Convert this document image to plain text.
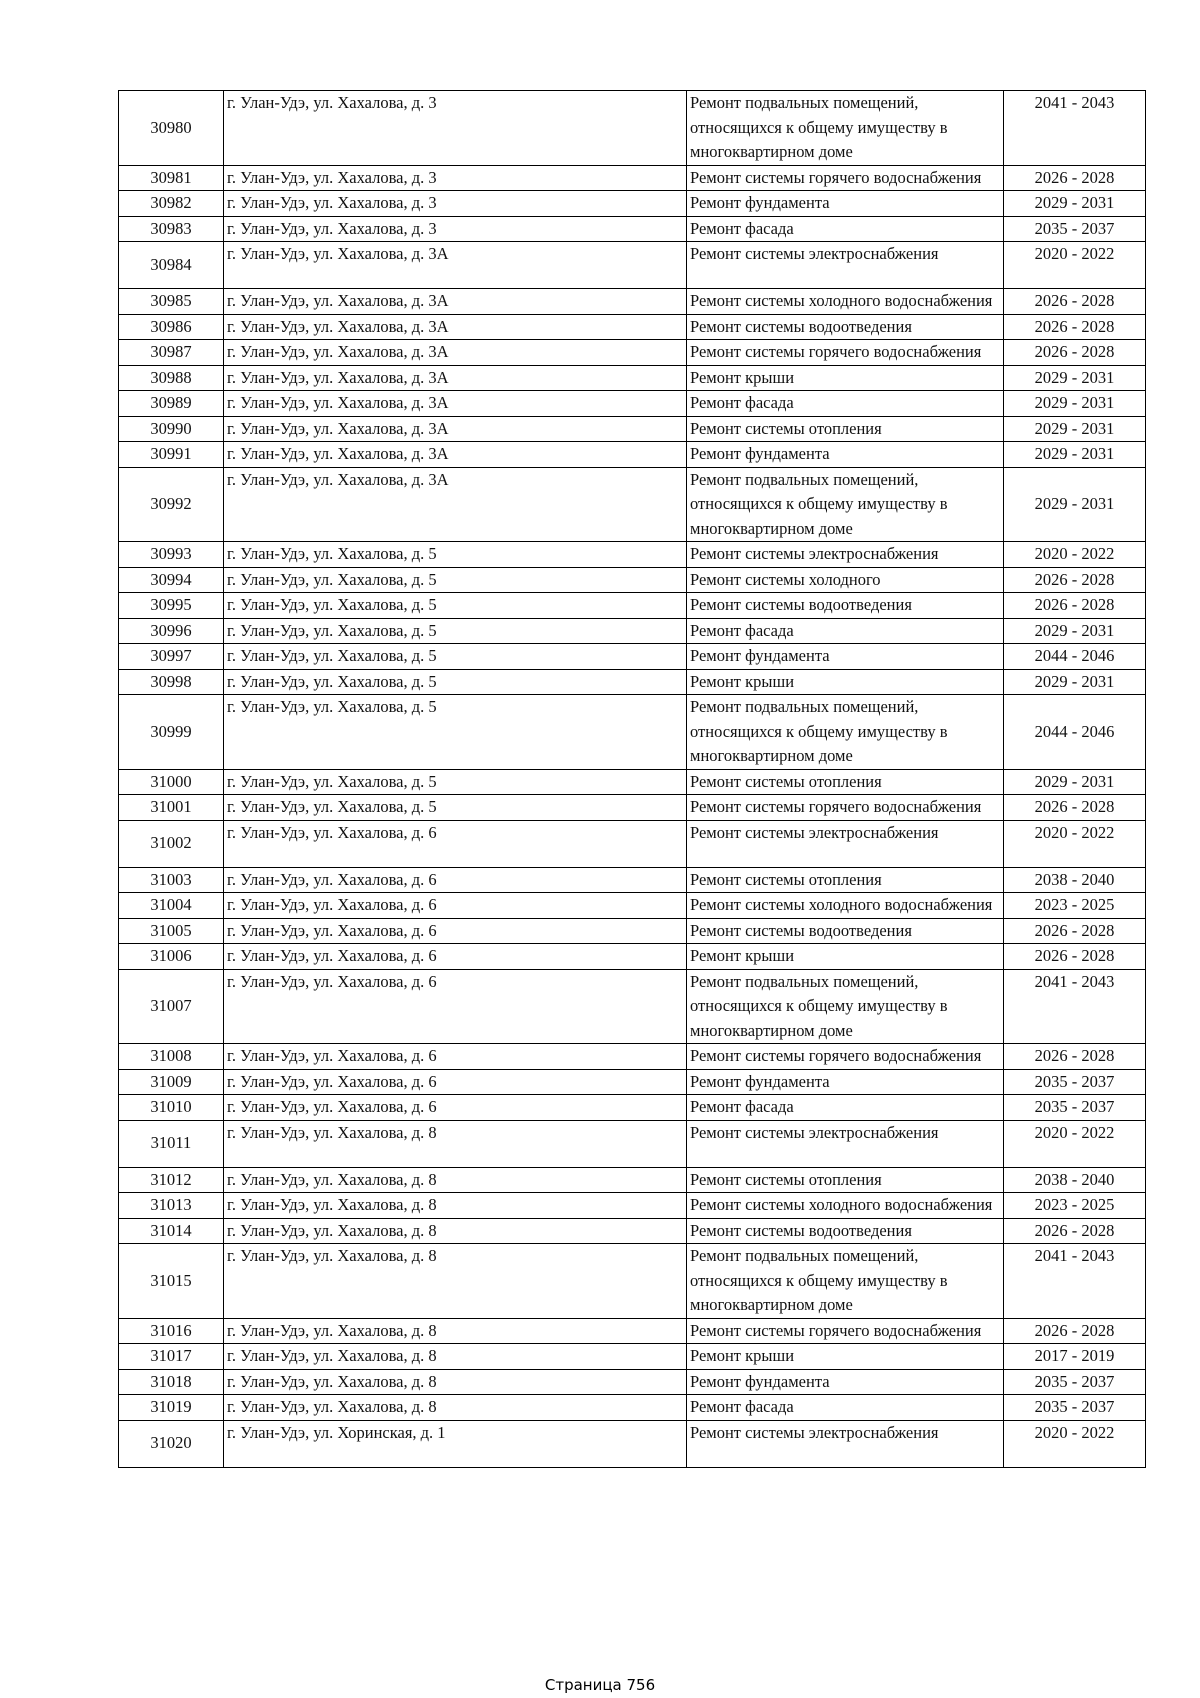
30980	г. Улан-Удэ, ул. Хахалова, д. 3	Ремонт подвальных помещений, относящихся к общему имуществу в многоквартирном доме	2041 - 2043
30981	г. Улан-Удэ, ул. Хахалова, д. 3	Ремонт системы горячего водоснабжения	2026 - 2028
30982	г. Улан-Удэ, ул. Хахалова, д. 3	Ремонт фундамента	2029 - 2031
30983	г. Улан-Удэ, ул. Хахалова, д. 3	Ремонт фасада	2035 - 2037
30984	г. Улан-Удэ, ул. Хахалова, д. 3А	Ремонт системы электроснабжения	2020 - 2022
30985	г. Улан-Удэ, ул. Хахалова, д. 3А	Ремонт системы холодного водоснабжения	2026 - 2028
30986	г. Улан-Удэ, ул. Хахалова, д. 3А	Ремонт системы водоотведения	2026 - 2028
30987	г. Улан-Удэ, ул. Хахалова, д. 3А	Ремонт системы горячего водоснабжения	2026 - 2028
30988	г. Улан-Удэ, ул. Хахалова, д. 3А	Ремонт крыши	2029 - 2031
30989	г. Улан-Удэ, ул. Хахалова, д. 3А	Ремонт фасада	2029 - 2031
30990	г. Улан-Удэ, ул. Хахалова, д. 3А	Ремонт системы отопления	2029 - 2031
30991	г. Улан-Удэ, ул. Хахалова, д. 3А	Ремонт фундамента	2029 - 2031
30992	г. Улан-Удэ, ул. Хахалова, д. 3А	Ремонт подвальных помещений, относящихся к общему имуществу в многоквартирном доме	2029 - 2031
30993	г. Улан-Удэ, ул. Хахалова, д. 5	Ремонт системы электроснабжения	2020 - 2022
30994	г. Улан-Удэ, ул. Хахалова, д. 5	Ремонт системы холодного	2026 - 2028
30995	г. Улан-Удэ, ул. Хахалова, д. 5	Ремонт системы водоотведения	2026 - 2028
30996	г. Улан-Удэ, ул. Хахалова, д. 5	Ремонт фасада	2029 - 2031
30997	г. Улан-Удэ, ул. Хахалова, д. 5	Ремонт фундамента	2044 - 2046
30998	г. Улан-Удэ, ул. Хахалова, д. 5	Ремонт крыши	2029 - 2031
30999	г. Улан-Удэ, ул. Хахалова, д. 5	Ремонт подвальных помещений, относящихся к общему имуществу в многоквартирном доме	2044 - 2046
31000	г. Улан-Удэ, ул. Хахалова, д. 5	Ремонт системы отопления	2029 - 2031
31001	г. Улан-Удэ, ул. Хахалова, д. 5	Ремонт системы горячего водоснабжения	2026 - 2028
31002	г. Улан-Удэ, ул. Хахалова, д. 6	Ремонт системы электроснабжения	2020 - 2022
31003	г. Улан-Удэ, ул. Хахалова, д. 6	Ремонт системы отопления	2038 - 2040
31004	г. Улан-Удэ, ул. Хахалова, д. 6	Ремонт системы холодного водоснабжения	2023 - 2025
31005	г. Улан-Удэ, ул. Хахалова, д. 6	Ремонт системы водоотведения	2026 - 2028
31006	г. Улан-Удэ, ул. Хахалова, д. 6	Ремонт крыши	2026 - 2028
31007	г. Улан-Удэ, ул. Хахалова, д. 6	Ремонт подвальных помещений, относящихся к общему имуществу в многоквартирном доме	2041 - 2043
31008	г. Улан-Удэ, ул. Хахалова, д. 6	Ремонт системы горячего водоснабжения	2026 - 2028
31009	г. Улан-Удэ, ул. Хахалова, д. 6	Ремонт фундамента	2035 - 2037
31010	г. Улан-Удэ, ул. Хахалова, д. 6	Ремонт фасада	2035 - 2037
31011	г. Улан-Удэ, ул. Хахалова, д. 8	Ремонт системы электроснабжения	2020 - 2022
31012	г. Улан-Удэ, ул. Хахалова, д. 8	Ремонт системы отопления	2038 - 2040
31013	г. Улан-Удэ, ул. Хахалова, д. 8	Ремонт системы холодного водоснабжения	2023 - 2025
31014	г. Улан-Удэ, ул. Хахалова, д. 8	Ремонт системы водоотведения	2026 - 2028
31015	г. Улан-Удэ, ул. Хахалова, д. 8	Ремонт подвальных помещений, относящихся к общему имуществу в многоквартирном доме	2041 - 2043
31016	г. Улан-Удэ, ул. Хахалова, д. 8	Ремонт системы горячего водоснабжения	2026 - 2028
31017	г. Улан-Удэ, ул. Хахалова, д. 8	Ремонт крыши	2017 - 2019
31018	г. Улан-Удэ, ул. Хахалова, д. 8	Ремонт фундамента	2035 - 2037
31019	г. Улан-Удэ, ул. Хахалова, д. 8	Ремонт фасада	2035 - 2037
31020	г. Улан-Удэ, ул. Хоринская, д. 1	Ремонт системы электроснабжения	2020 - 2022
Страница 756
